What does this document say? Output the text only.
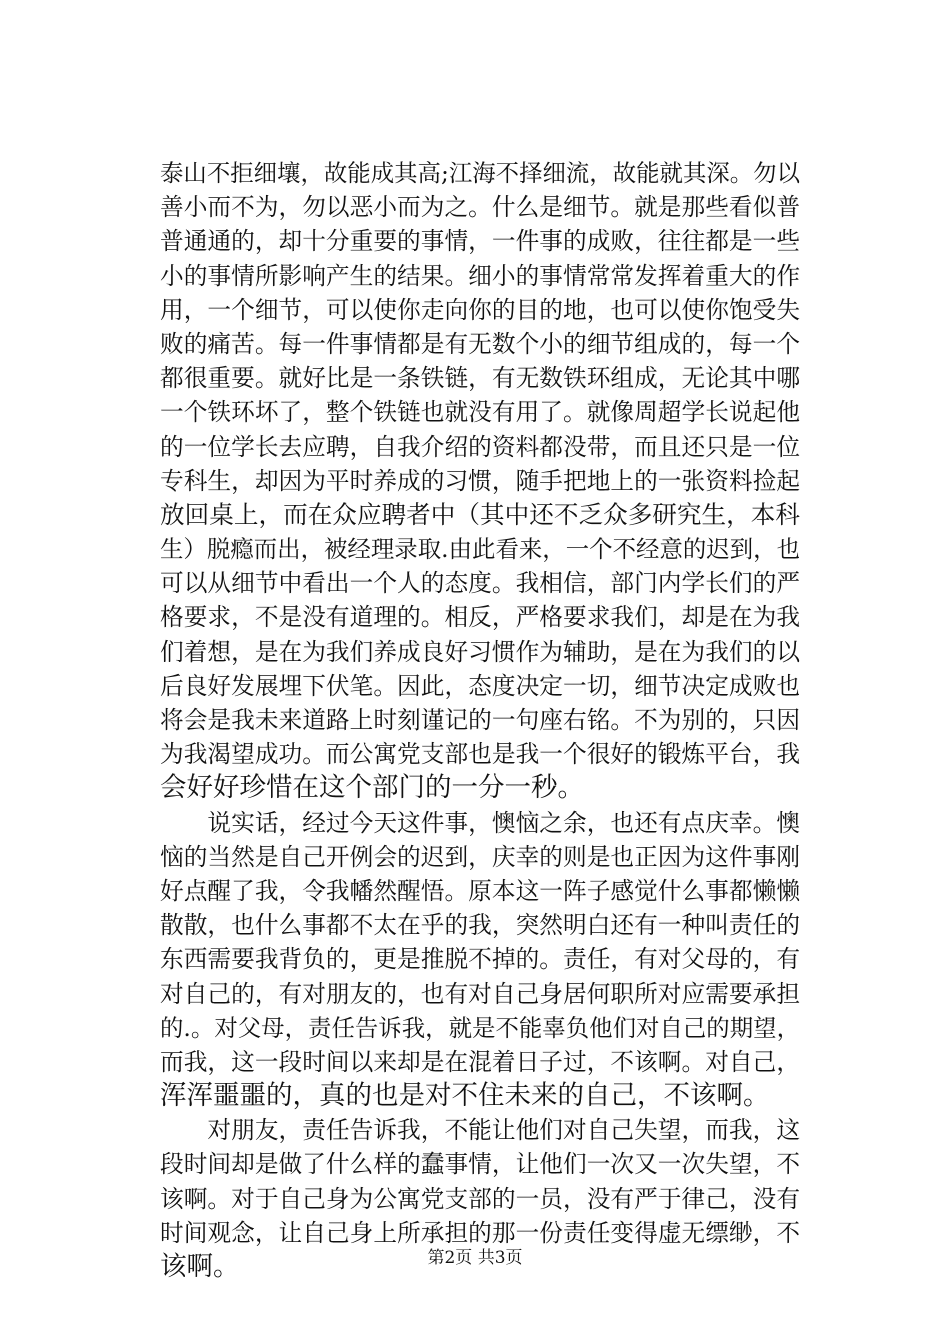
泰山不拒细壤，故能成其高;江海不择细流，故能就其深。勿以
善小而不为，勿以恶小而为之。什么是细节。就是那些看似普
普通通的，却十分重要的事情，一件事的成败，往往都是一些
小的事情所影响产生的结果。细小的事情常常发挥着重大的作
用，一个细节，可以使你走向你的目的地，也可以使你饱受失
败的痛苦。每一件事情都是有无数个小的细节组成的，每一个
都很重要。就好比是一条铁链，有无数铁环组成，无论其中哪
一个铁环坏了，整个铁链也就没有用了。就像周超学长说起他
的一位学长去应聘，自我介绍的资料都没带，而且还只是一位
专科生，却因为平时养成的习惯，随手把地上的一张资料捡起
放回桌上，而在众应聘者中（其中还不乏众多研究生，本科
生）脱瘾而出，被经理录取.由此看来，一个不经意的迟到，也
可以从细节中看出一个人的态度。我相信，部门内学长们的严
格要求，不是没有道理的。相反，严格要求我们，却是在为我
们着想，是在为我们养成良好习惯作为辅助，是在为我们的以
后良好发展埋下伏笔。因此，态度决定一切，细节决定成败也
将会是我未来道路上时刻谨记的一句座右铭。不为别的，只因
为我渴望成功。而公寓党支部也是我一个很好的锻炼平台，我
会好好珍惜在这个部门的一分一秒。
　　说实话，经过今天这件事，懊恼之余，也还有点庆幸。懊
恼的当然是自己开例会的迟到，庆幸的则是也正因为这件事刚
好点醒了我，令我幡然醒悟。原本这一阵子感觉什么事都懒懒
散散，也什么事都不太在乎的我，突然明白还有一种叫责任的
东西需要我背负的，更是推脱不掉的。责任，有对父母的，有
对自己的，有对朋友的，也有对自己身居何职所对应需要承担
的.。对父母，责任告诉我，就是不能辜负他们对自己的期望，
而我，这一段时间以来却是在混着日子过，不该啊。对自己，
浑浑噩噩的，真的也是对不住未来的自己，不该啊。
　　对朋友，责任告诉我，不能让他们对自己失望，而我，这
段时间却是做了什么样的蠢事情，让他们一次又一次失望，不
该啊。对于自己身为公寓党支部的一员，没有严于律己，没有
时间观念，让自己身上所承担的那一份责任变得虚无缥缈，不
该啊。	第2页 共3页
